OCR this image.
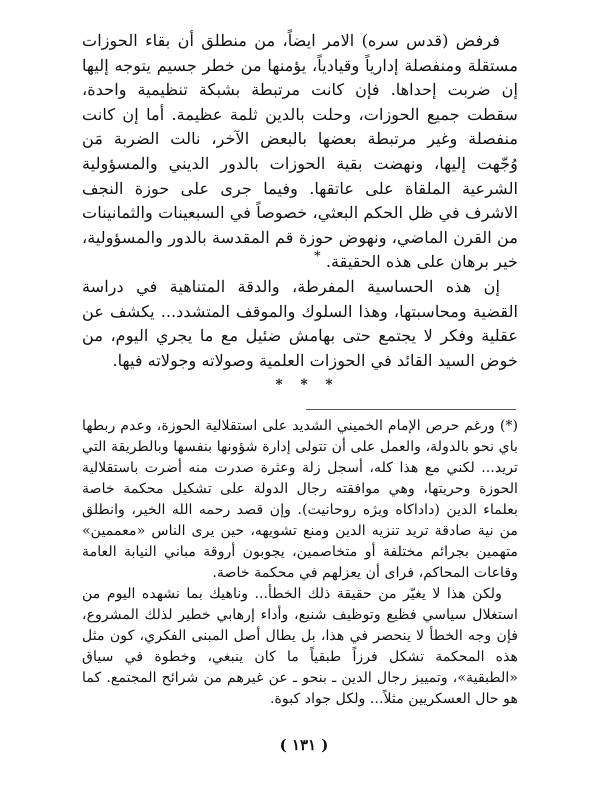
فرفض (قدس سره) الامر ايضاً، من منطلق أن بقاء الحوزات مستقلة ومنفصلة إدارياً وقيادياً، يؤمنها من خطر جسيم يتوجه إليها إن ضربت إحداها. فإن كانت مرتبطة بشبكة تنظيمية واحدة، سقطت جميع الحوزات، وحلت بالدين ثلمة عظيمة. أما إن كانت منفصلة وغير مرتبطة بعضها بالبعض الآخر، نالت الضربة مَن وُجّهت إليها، ونهضت بقية الحوزات بالدور الديني والمسؤولية الشرعية الملقاة على عاتقها. وفيما جرى على حوزة النجف الاشرف في ظل الحكم البعثي، خصوصاً في السبعينات والثمانينات من القرن الماضي، ونهوض حوزة قم المقدسة بالدور والمسؤولية، خير برهان على هذه الحقيقة. *

إن هذه الحساسية المفرطة، والدقة المتناهية في دراسة القضية ومحاسبتها، وهذا السلوك والموقف المتشدد... يكشف عن عقلية وفكر لا يجتمع حتى بهامش ضئيل مع ما يجري اليوم، من خوض السيد القائد في الحوزات العلمية وصولاته وجولاته فيها.

* * *

(*) ورغم حرص الإمام الخميني الشديد على استقلالية الحوزة، وعدم ربطها باي نحو بالدولة، والعمل على أن تتولى إدارة شؤونها بنفسها وبالطريقة التي تريد... لكني مع هذا كله، أسجل زلة وعثرة صدرت منه أضرت باستقلالية الحوزة وحريتها، وهي موافقته رجال الدولة على تشكيل محكمة خاصة بعلماء الدين (داداكاه ويژه روحانيت). وإن قصد رحمه الله الخير، وانطلق من نية صادقة تريد تنزيه الدين ومنع تشويهه، حين يرى الناس «معممين» متهمين بجرائم مختلفة أو متخاصمين، يجوبون أروقة مباني النيابة العامة وقاعات المحاكم، فراى أن يعزلهم في محكمة خاصة.

ولكن هذا لا يغيّر من حقيقة ذلك الخطأ... وناهيك بما نشهده اليوم من استغلال سياسي فظيع وتوظيف شنيع، وأداء إرهابي خطير لذلك المشروع، فإن وجه الخطأ لا ينحصر في هذا، بل يطال أصل المبنى الفكري، كون مثل هذه المحكمة تشكل فرزاً طبقياً ما كان ينبغي، وخطوة في سياق «الطبقية»، وتمييز رجال الدين ـ بنحو ـ عن غيرهم من شرائح المجتمع. كما هو حال العسكريين مثلاً... ولكل جواد كبوة.

( ١٣١ )
